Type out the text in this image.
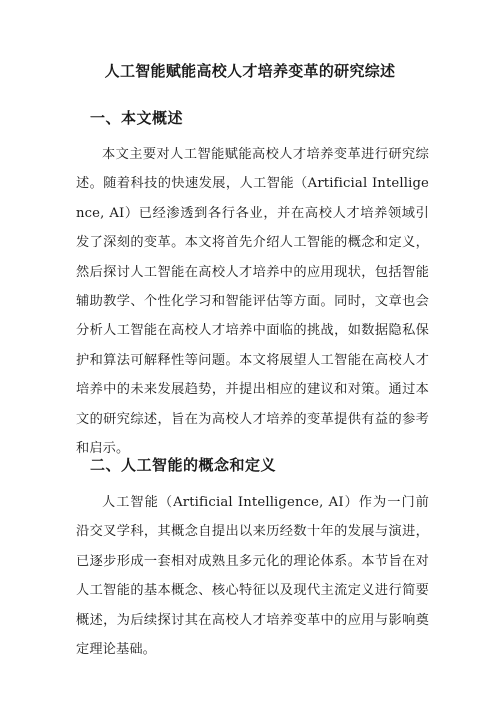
人工智能赋能高校人才培养变革的研究综述
一、本文概述

本文主要对人工智能赋能高校人才培养变革进行研究综述。随着科技的快速发展，人工智能（Artificial Intelligence, AI）已经渗透到各行各业，并在高校人才培养领域引发了深刻的变革。本文将首先介绍人工智能的概念和定义，然后探讨人工智能在高校人才培养中的应用现状，包括智能辅助教学、个性化学习和智能评估等方面。同时，文章也会分析人工智能在高校人才培养中面临的挑战，如数据隐私保护和算法可解释性等问题。本文将展望人工智能在高校人才培养中的未来发展趋势，并提出相应的建议和对策。通过本文的研究综述，旨在为高校人才培养的变革提供有益的参考和启示。

二、人工智能的概念和定义

人工智能（Artificial Intelligence, AI）作为一门前沿交叉学科，其概念自提出以来历经数十年的发展与演进，已逐步形成一套相对成熟且多元化的理论体系。本节旨在对人工智能的基本概念、核心特征以及现代主流定义进行简要概述，为后续探讨其在高校人才培养变革中的应用与影响奠定理论基础。
